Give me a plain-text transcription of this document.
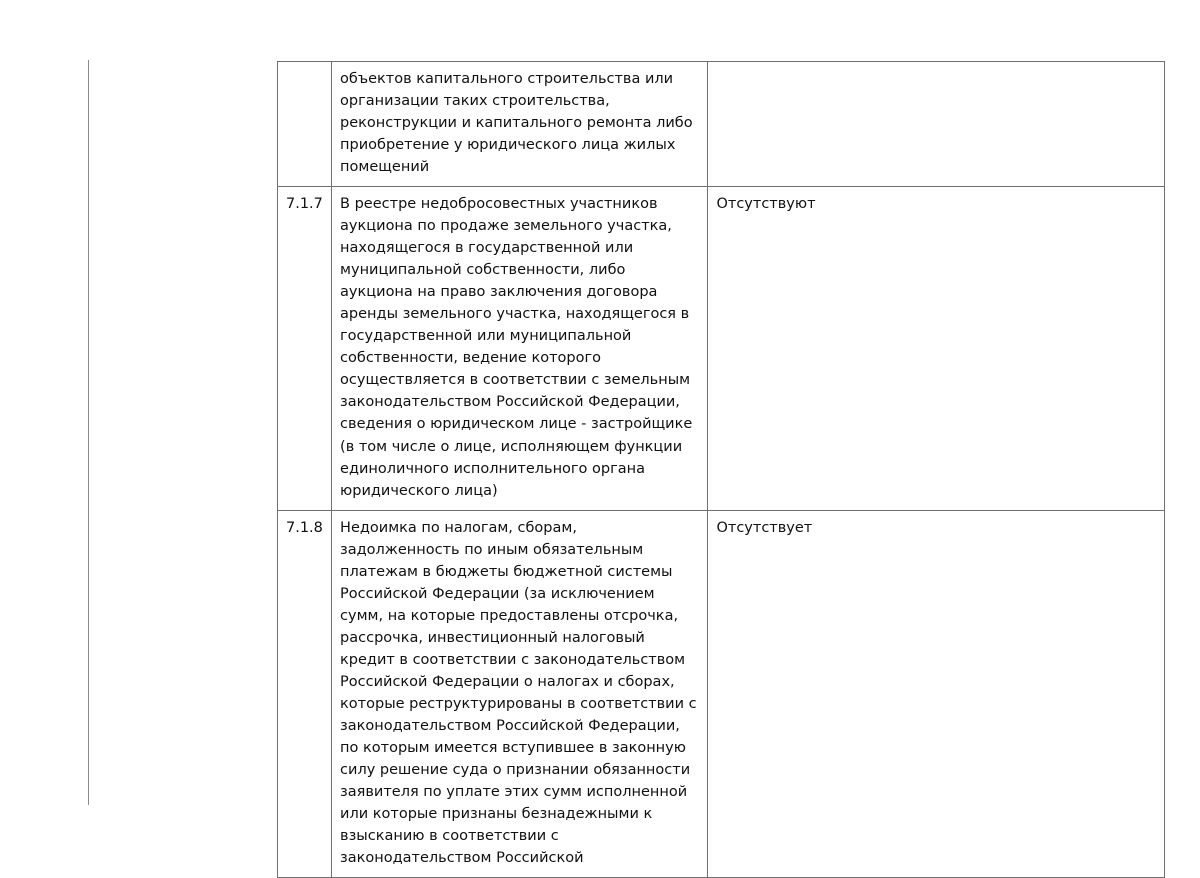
	объектов капитального строительства или организации таких строительства, реконструкции и капитального ремонта либо приобретение у юридического лица жилых помещений	
7.1.7	В реестре недобросовестных участников аукциона по продаже земельного участка, находящегося в государственной или муниципальной собственности, либо аукциона на право заключения договора аренды земельного участка, находящегося в государственной или муниципальной собственности, ведение которого осуществляется в соответствии с земельным законодательством Российской Федерации, сведения о юридическом лице - застройщике (в том числе о лице, исполняющем функции единоличного исполнительного органа юридического лица)	Отсутствуют
7.1.8	Недоимка по налогам, сборам, задолженность по иным обязательным платежам в бюджеты бюджетной системы Российской Федерации (за исключением сумм, на которые предоставлены отсрочка, рассрочка, инвестиционный налоговый кредит в соответствии с законодательством Российской Федерации о налогах и сборах, которые реструктурированы в соответствии с законодательством Российской Федерации, по которым имеется вступившее в законную силу решение суда о признании обязанности заявителя по уплате этих сумм исполненной или которые признаны безнадежными к взысканию в соответствии с законодательством Российской	Отсутствует
